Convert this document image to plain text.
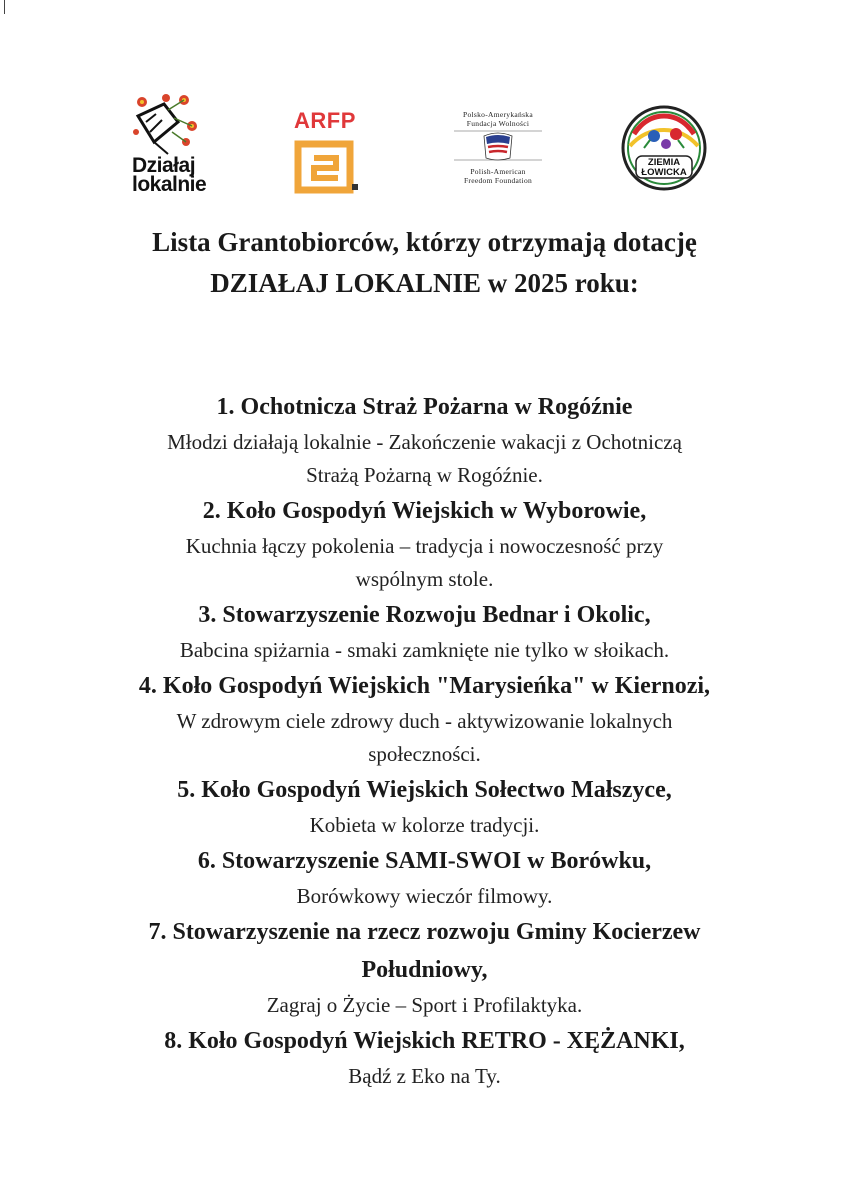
Działaj
lokalnie
ARFP	Polsko-Amerykańska
Fundacja Wolności
Polish-American
Freedom Foundation
ZIEMIA
ŁOWICKA
Lista Grantobiorców, którzy otrzymają dotację
DZIAŁAJ LOKALNIE w 2025 roku:
1. Ochotnicza Straż Pożarna w Rogóźnie
Młodzi działają lokalnie - Zakończenie wakacji z Ochotniczą
Strażą Pożarną w Rogóźnie.
2. Koło Gospodyń Wiejskich w Wyborowie,
Kuchnia łączy pokolenia – tradycja i nowoczesność przy
wspólnym stole.
3. Stowarzyszenie Rozwoju Bednar i Okolic,
Babcina spiżarnia - smaki zamknięte nie tylko w słoikach.
4. Koło Gospodyń Wiejskich "Marysieńka" w Kiernozi,
W zdrowym ciele zdrowy duch - aktywizowanie lokalnych
społeczności.
5. Koło Gospodyń Wiejskich Sołectwo Małszyce,
Kobieta w kolorze tradycji.
6. Stowarzyszenie SAMI-SWOI w Borówku,
Borówkowy wieczór filmowy.
7. Stowarzyszenie na rzecz rozwoju Gminy Kocierzew
Południowy,
Zagraj o Życie – Sport i Profilaktyka.
8. Koło Gospodyń Wiejskich RETRO - XĘŻANKI,
Bądź z Eko na Ty.
